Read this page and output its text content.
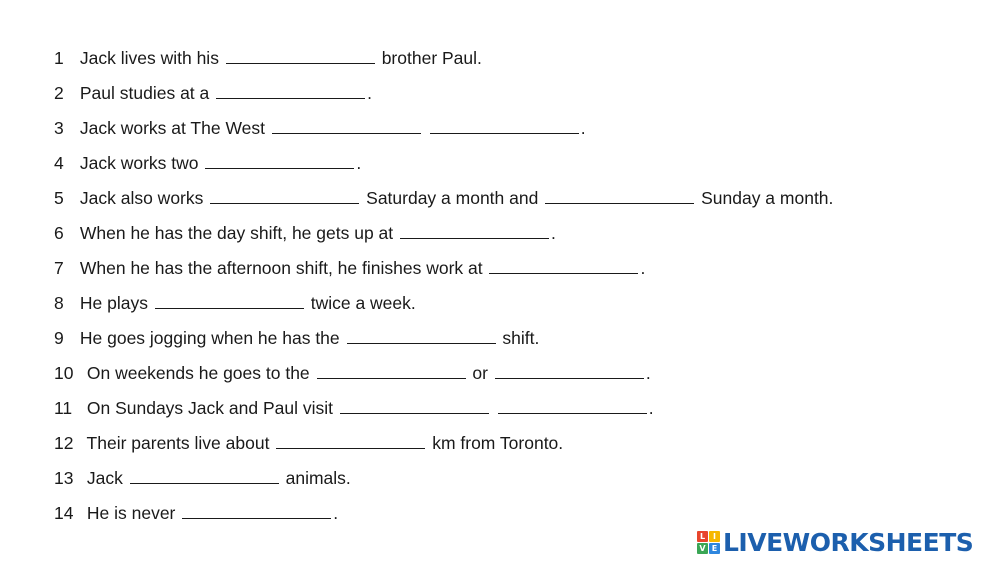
1 Jack lives with his	brother Paul.
2 Paul studies at a	.
3 Jack works at The West	.
4 Jack works two	.
5 Jack also works	Saturday a month and	Sunday a month.
6 When he has the day shift, he gets up at	.
7 When he has the afternoon shift, he finishes work at	.
8 He plays	twice a week.
9 He goes jogging when he has the	shift.
10 On weekends he goes to the	or	.
11 On Sundays Jack and Paul visit	.
12 Their parents live about	km from Toronto.
13 Jack	animals.
14 He is never	.
L I
V E LIVEWORKSHEETS
